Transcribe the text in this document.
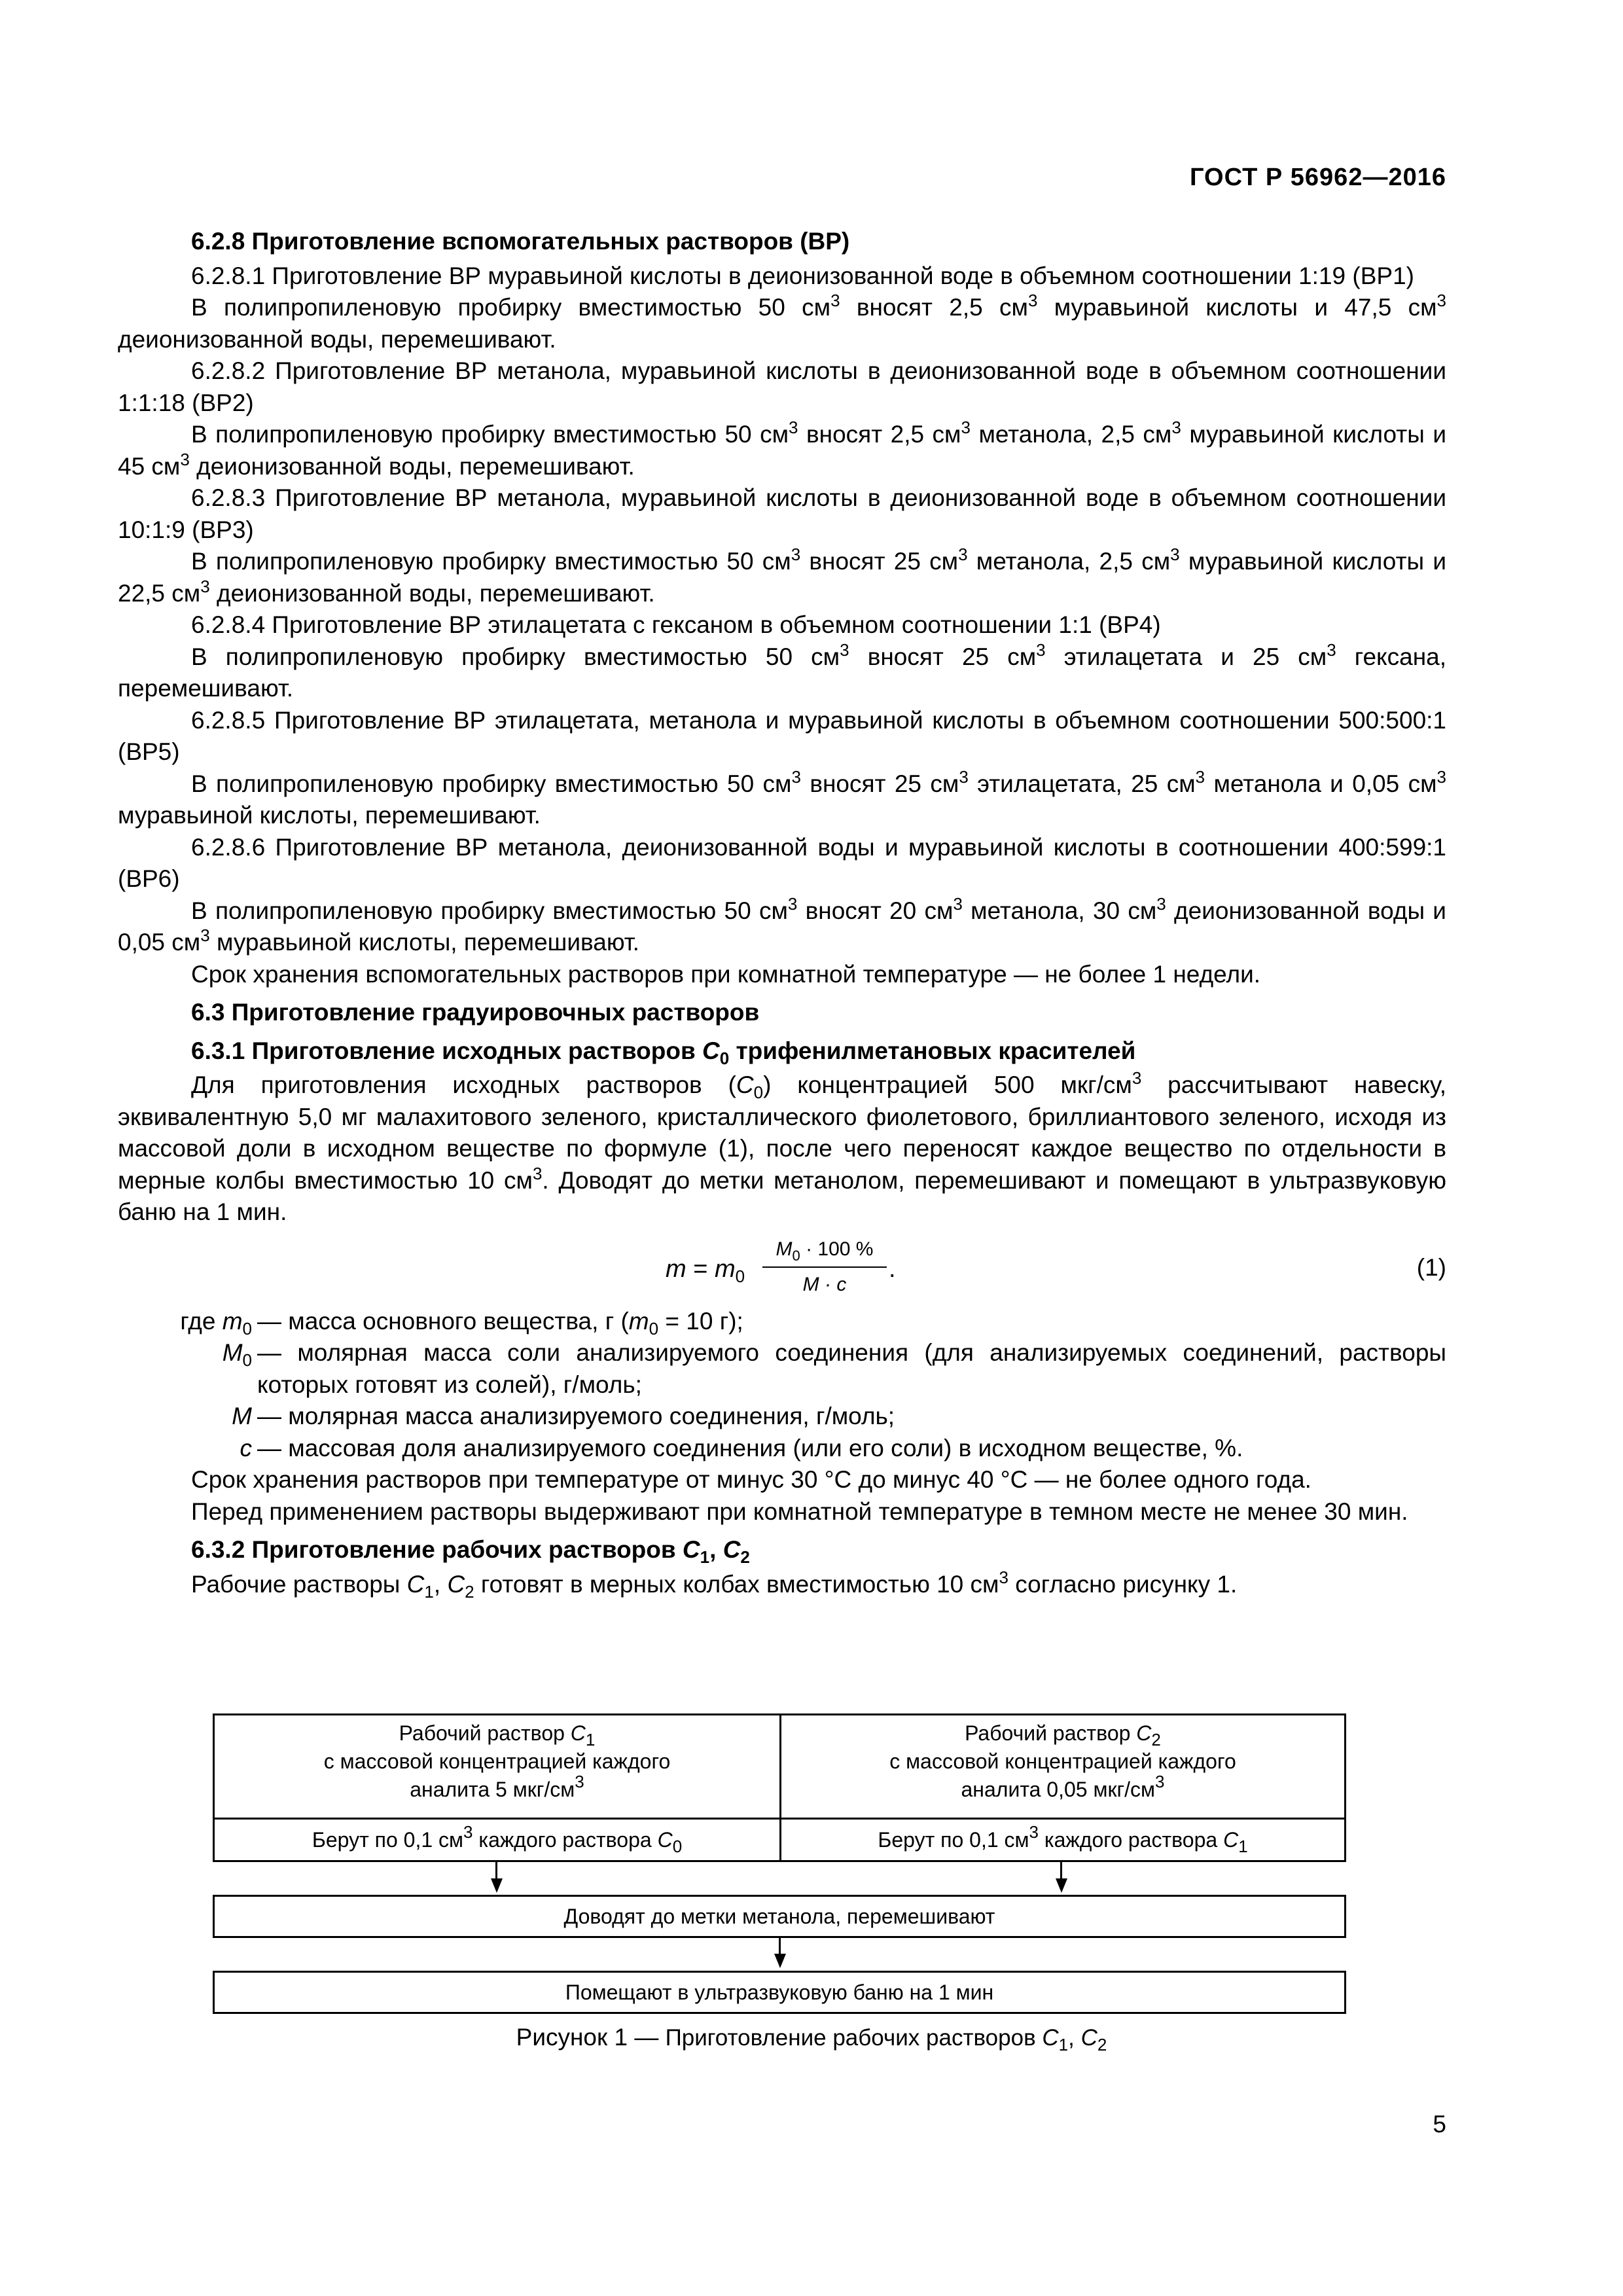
ГОСТ Р 56962—2016

6.2.8 Приготовление вспомогательных растворов (ВР)

6.2.8.1 Приготовление ВР муравьиной кислоты в деионизованной воде в объемном соотношении 1:19 (ВР1)

В полипропиленовую пробирку вместимостью 50 $см^3$ вносят 2,5 $см^3$ муравьиной кислоты и 47,5 $см^3$ деионизованной воды, перемешивают.

6.2.8.2 Приготовление ВР метанола, муравьиной кислоты в деионизованной воде в объемном соотношении 1:1:18 (ВР2)

В полипропиленовую пробирку вместимостью 50 $см^3$ вносят 2,5 $см^3$ метанола, 2,5 $см^3$ муравьиной кислоты и 45 $см^3$ деионизованной воды, перемешивают.

6.2.8.3 Приготовление ВР метанола, муравьиной кислоты в деионизованной воде в объемном соотношении 10:1:9 (ВР3)

В полипропиленовую пробирку вместимостью 50 $см^3$ вносят 25 $см^3$ метанола, 2,5 $см^3$ муравьиной кислоты и 22,5 $см^3$ деионизованной воды, перемешивают.

6.2.8.4 Приготовление ВР этилацетата с гексаном в объемном соотношении 1:1 (ВР4)

В полипропиленовую пробирку вместимостью 50 $см^3$ вносят 25 $см^3$ этилацетата и 25 $см^3$ гексана, перемешивают.

6.2.8.5 Приготовление ВР этилацетата, метанола и муравьиной кислоты в объемном соотношении 500:500:1 (ВР5)

В полипропиленовую пробирку вместимостью 50 $см^3$ вносят 25 $см^3$ этилацетата, 25 $см^3$ метанола и 0,05 $см^3$ муравьиной кислоты, перемешивают.

6.2.8.6 Приготовление ВР метанола, деионизованной воды и муравьиной кислоты в соотношении 400:599:1 (ВР6)

В полипропиленовую пробирку вместимостью 50 $см^3$ вносят 20 $см^3$ метанола, 30 $см^3$ деионизованной воды и 0,05 $см^3$ муравьиной кислоты, перемешивают.

Срок хранения вспомогательных растворов при комнатной температуре — не более 1 недели.

6.3 Приготовление градуировочных растворов

6.3.1 Приготовление исходных растворов $C_0$ трифенилметановых красителей

Для приготовления исходных растворов $(C_0)$ концентрацией 500 мкг/$см^3$ рассчитывают навеску, эквивалентную 5,0 мг малахитового зеленого, кристаллического фиолетового, бриллиантового зеленого, исходя из массовой доли в исходном веществе по формуле (1), после чего переносят каждое вещество по отдельности в мерные колбы вместимостью 10 $см^3$. Доводят до метки метанолом, перемешивают и помещают в ультразвуковую баню на 1 мин.

$m = m_0 \frac{M_0 \cdot 100 \%}{M \cdot c}$ .	(1)
где $m_0$ — масса основного вещества, г ($m_0 = 10$ г);
$M_0$ — молярная масса соли анализируемого соединения (для анализируемых соединений, растворы которых готовят из солей), г/моль;
M — молярная масса анализируемого соединения, г/моль;
c — массовая доля анализируемого соединения (или его соли) в исходном веществе, %.

Срок хранения растворов при температуре от минус 30 °С до минус 40 °С — не более одного года.

Перед применением растворы выдерживают при комнатной температуре в темном месте не менее 30 мин.

6.3.2 Приготовление рабочих растворов $C_1$, $C_2$

Рабочие растворы $C_1$, $C_2$ готовят в мерных колбах вместимостью 10 $см^3$ согласно рисунку 1.

Рабочий раствор $C_1$
с массовой концентрацией каждого
аналита 5 мкг/$см^3$
Рабочий раствор $C_2$
с массовой концентрацией каждого
аналита 0,05 мкг/$см^3$
Берут по 0,1 $см^3$ каждого раствора $C_0$	Берут по 0,1 $см^3$ каждого раствора $C_1$
Доводят до метки метанола, перемешивают
Помещают в ультразвуковую баню на 1 мин
Рисунок 1 — Приготовление рабочих растворов $C_1$, $C_2$
5
